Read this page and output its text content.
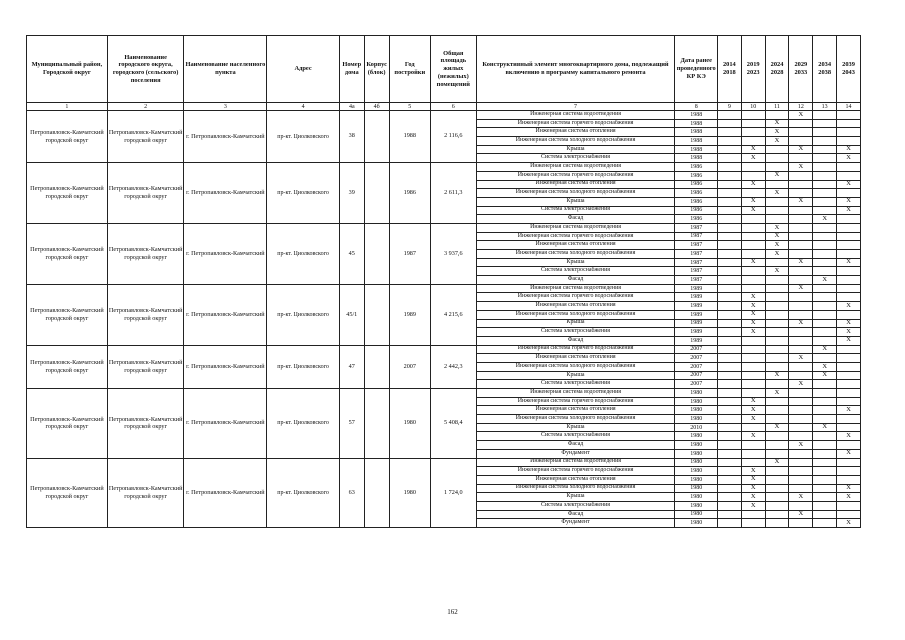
Муниципальный район, Городской округ	Наименование городского округа, городского (сельского) поселения	Наименование населенного пункта	Адрес	Номер дома	Корпус (блок)	Год постройки	Общая площадь жилых (нежилых) помещений	Конструктивный элемент многоквартирного дома, подлежащий включению в программу капитального ремонта	Дата ранее проведенного КР КЭ	2014 2018	2019 2023	2024 2028	2029 2033	2034 2038	2039 2043
1	2	3	4	4а	4б	5	6	7	8	9	10	11	12	13	14
Петропавловск-Камчатский городской округ	Петропавловск-Камчатский городской округ	г. Петропавловск-Камчатский	пр-кт. Циолковского	38		1988	2 116,6	Инженерная система водоотведения	1988				X		
								Инженерная система горячего водоснабжения	1988			X			
								Инженерная система отопления	1988			X			
								Инженерная система холодного водоснабжения	1988			X			
								Крыша	1988		X		X		X
								Система электроснабжения	1988		X				X
Петропавловск-Камчатский городской округ	Петропавловск-Камчатский городской округ	г. Петропавловск-Камчатский	пр-кт. Циолковского	39		1986	2 611,3	Инженерная система водоотведения	1986				X		
								Инженерная система горячего водоснабжения	1986			X			
								Инженерная система отопления	1986		X				X
								Инженерная система холодного водоснабжения	1986			X			
								Крыша	1986		X		X		X
								Система электроснабжения	1986		X				X
								Фасад	1986					X	
Петропавловск-Камчатский городской округ	Петропавловск-Камчатский городской округ	г. Петропавловск-Камчатский	пр-кт. Циолковского	45		1987	3 937,6	Инженерная система водоотведения	1987			X			
								Инженерная система горячего водоснабжения	1987			X			
								Инженерная система отопления	1987			X			
								Инженерная система холодного водоснабжения	1987			X			
								Крыша	1987		X		X		X
								Система электроснабжения	1987			X			
								Фасад	1987					X	
Петропавловск-Камчатский городской округ	Петропавловск-Камчатский городской округ	г. Петропавловск-Камчатский	пр-кт. Циолковского	45/1		1989	4 215,6	Инженерная система водоотведения	1989				X		
								Инженерная система горячего водоснабжения	1989		X				
								Инженерная система отопления	1989		X				X
								Инженерная система холодного водоснабжения	1989		X				
								Крыша	1989		X		X		X
								Система электроснабжения	1989		X				X
								Фасад	1989						X
Петропавловск-Камчатский городской округ	Петропавловск-Камчатский городской округ	г. Петропавловск-Камчатский	пр-кт. Циолковского	47		2007	2 442,3	Инженерная система горячего водоснабжения	2007					X	
								Инженерная система отопления	2007				X		
								Инженерная система холодного водоснабжения	2007					X	
								Крыша	2007			X		X	
								Система электроснабжения	2007				X		
Петропавловск-Камчатский городской округ	Петропавловск-Камчатский городской округ	г. Петропавловск-Камчатский	пр-кт. Циолковского	57		1980	5 408,4	Инженерная система водоотведения	1980			X			
								Инженерная система горячего водоснабжения	1980		X				
								Инженерная система отопления	1980		X				X
								Инженерная система холодного водоснабжения	1980		X				
								Крыша	2010			X		X	
								Система электроснабжения	1980		X				X
								Фасад	1980				X		
								Фундамент	1980						X
Петропавловск-Камчатский городской округ	Петропавловск-Камчатский городской округ	г. Петропавловск-Камчатский	пр-кт. Циолковского	63		1980	1 724,0	Инженерная система водоотведения	1980			X			
								Инженерная система горячего водоснабжения	1980		X				
								Инженерная система отопления	1980		X				
								Инженерная система холодного водоснабжения	1980		X				X
								Крыша	1980		X		X		X
								Система электроснабжения	1980		X				
								Фасад	1980				X		
								Фундамент	1980						X
162
